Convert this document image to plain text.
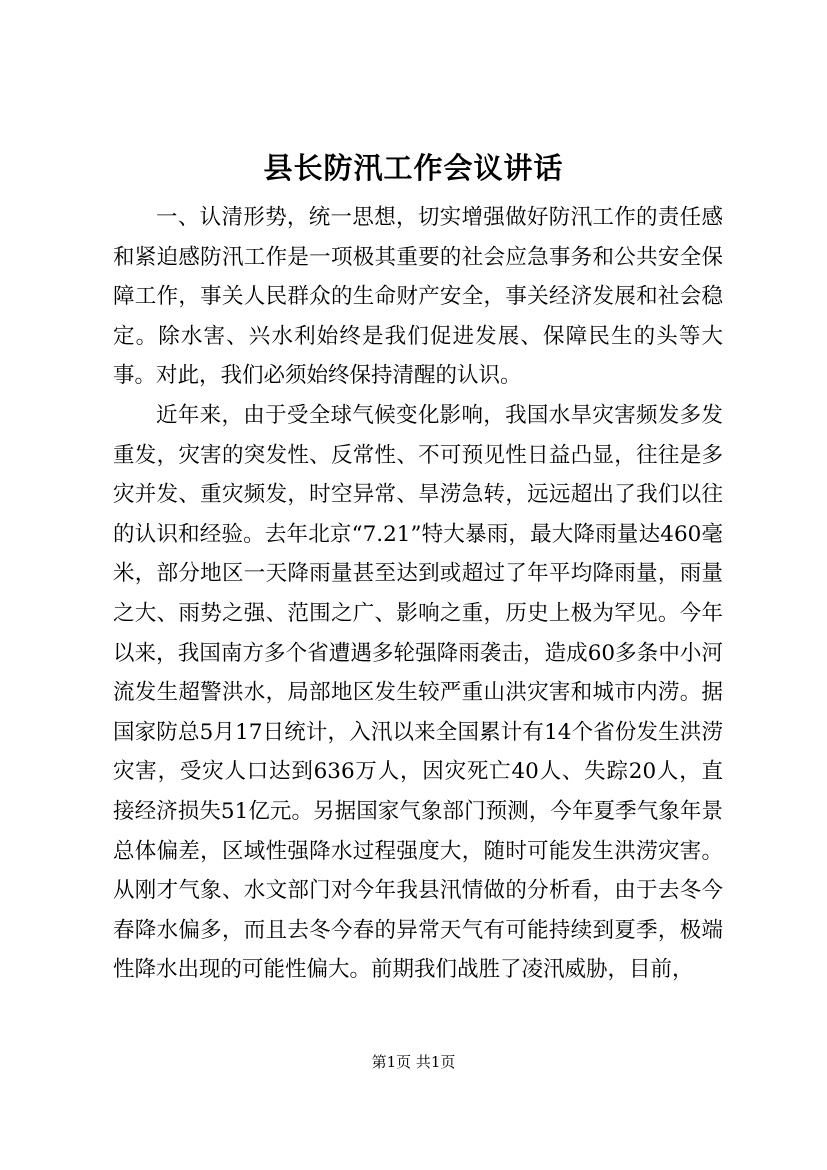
县长防汛工作会议讲话

一、认清形势，统一思想，切实增强做好防汛工作的责任感和紧迫感防汛工作是一项极其重要的社会应急事务和公共安全保障工作，事关人民群众的生命财产安全，事关经济发展和社会稳定。除水害、兴水利始终是我们促进发展、保障民生的头等大事。对此，我们必须始终保持清醒的认识。

近年来，由于受全球气候变化影响，我国水旱灾害频发多发重发，灾害的突发性、反常性、不可预见性日益凸显，往往是多灾并发、重灾频发，时空异常、旱涝急转，远远超出了我们以往的认识和经验。去年北京“7.21”特大暴雨，最大降雨量达460毫米，部分地区一天降雨量甚至达到或超过了年平均降雨量，雨量之大、雨势之强、范围之广、影响之重，历史上极为罕见。今年以来，我国南方多个省遭遇多轮强降雨袭击，造成60多条中小河流发生超警洪水，局部地区发生较严重山洪灾害和城市内涝。据国家防总5月17日统计，入汛以来全国累计有14个省份发生洪涝灾害，受灾人口达到636万人，因灾死亡40人、失踪20人，直接经济损失51亿元。另据国家气象部门预测，今年夏季气象年景总体偏差，区域性强降水过程强度大，随时可能发生洪涝灾害。从刚才气象、水文部门对今年我县汛情做的分析看，由于去冬今春降水偏多，而且去冬今春的异常天气有可能持续到夏季，极端性降水出现的可能性偏大。前期我们战胜了凌汛威胁，目前，

第1页 共1页
